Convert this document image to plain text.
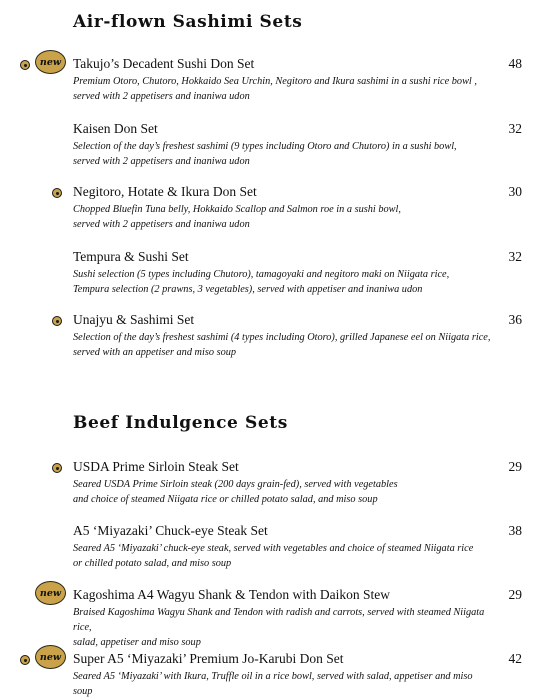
Air-flown Sashimi Sets
new Takujo’s Decadent Sushi Don Set	48

Premium Otoro, Chutoro, Hokkaido Sea Urchin, Negitoro and Ikura sashimi in a sushi rice bowl ,
served with 2 appetisers and inaniwa udon

Kaisen Don Set	32

Selection of the day’s freshest sashimi (9 types including Otoro and Chutoro) in a sushi bowl,
served with 2 appetisers and inaniwa udon

Negitoro, Hotate & Ikura Don Set	30

Chopped Bluefin Tuna belly, Hokkaido Scallop and Salmon roe in a sushi bowl,
served with 2 appetisers and inaniwa udon

Tempura & Sushi Set	32

Sushi selection (5 types including Chutoro), tamagoyaki and negitoro maki on Niigata rice,
Tempura selection (2 prawns, 3 vegetables), served with appetiser and inaniwa udon

Unajyu & Sashimi Set	36

Selection of the day’s freshest sashimi (4 types including Otoro), grilled Japanese eel on Niigata rice,
served with an appetiser and miso soup

Beef Indulgence Sets
USDA Prime Sirloin Steak Set	29

Seared USDA Prime Sirloin steak (200 days grain-fed), served with vegetables
and choice of steamed Niigata rice or chilled potato salad, and miso soup

A5 ‘Miyazaki’ Chuck-eye Steak Set	38

Seared A5 ‘Miyazaki’ chuck-eye steak, served with vegetables and choice of steamed Niigata rice
or chilled potato salad, and miso soup

new Kagoshima A4 Wagyu Shank & Tendon with Daikon Stew	29

Braised Kagoshima Wagyu Shank and Tendon with radish and carrots, served with steamed Niigata rice,
salad, appetiser and miso soup

new Super A5 ‘Miyazaki’ Premium Jo-Karubi Don Set	42

Seared A5 ‘Miyazaki’ with Ikura, Truffle oil in a rice bowl, served with salad, appetiser and miso soup
